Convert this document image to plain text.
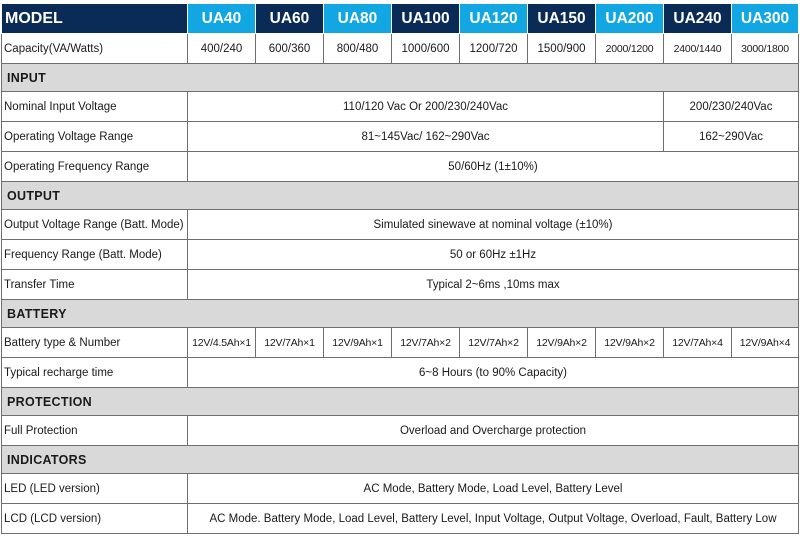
MODEL	UA40	UA60	UA80	UA100	UA120	UA150	UA200	UA240	UA300
Capacity(VA/Watts)	400/240	600/360	800/480	1000/600	1200/720	1500/900	2000/1200	2400/1440	3000/1800
INPUT									
Nominal Input Voltage	110/120 Vac Or 200/230/240Vac							200/230/240Vac	
Operating Voltage Range	81~145Vac/ 162~290Vac							162~290Vac	
Operating Frequency Range	50/60Hz (1±10%)								
OUTPUT									
Output Voltage Range (Batt. Mode)	Simulated sinewave at nominal voltage (±10%)								
Frequency Range (Batt. Mode)	50 or 60Hz ±1Hz								
Transfer Time	Typical 2~6ms ,10ms max								
BATTERY									
Battery type & Number	12V/4.5Ah×1	12V/7Ah×1	12V/9Ah×1	12V/7Ah×2	12V/7Ah×2	12V/9Ah×2	12V/9Ah×2	12V/7Ah×4	12V/9Ah×4
Typical recharge time	6~8 Hours (to 90% Capacity)								
PROTECTION									
Full Protection	Overload and Overcharge protection								
INDICATORS									
LED (LED version)	AC Mode, Battery Mode, Load Level, Battery Level								
LCD (LCD version)	AC Mode. Battery Mode, Load Level, Battery Level, Input Voltage, Output Voltage, Overload, Fault, Battery Low								
